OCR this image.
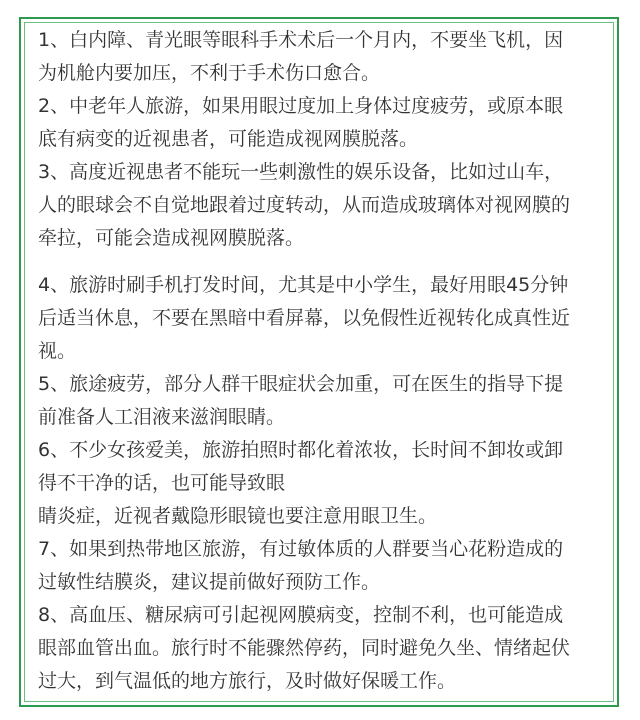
1、白内障、青光眼等眼科手术术后一个月内，不要坐飞机，因

为机舱内要加压，不利于手术伤口愈合。

2、中老年人旅游，如果用眼过度加上身体过度疲劳，或原本眼

底有病变的近视患者，可能造成视网膜脱落。

3、高度近视患者不能玩一些刺激性的娱乐设备，比如过山车，

人的眼球会不自觉地跟着过度转动，从而造成玻璃体对视网膜的

牵拉，可能会造成视网膜脱落。

4、旅游时刷手机打发时间，尤其是中小学生，最好用眼45分钟

后适当休息，不要在黑暗中看屏幕，以免假性近视转化成真性近

视。

5、旅途疲劳，部分人群干眼症状会加重，可在医生的指导下提

前准备人工泪液来滋润眼睛。

6、不少女孩爱美，旅游拍照时都化着浓妆，长时间不卸妆或卸

得不干净的话，也可能导致眼

睛炎症，近视者戴隐形眼镜也要注意用眼卫生。

7、如果到热带地区旅游，有过敏体质的人群要当心花粉造成的

过敏性结膜炎，建议提前做好预防工作。

8、高血压、糖尿病可引起视网膜病变，控制不利，也可能造成

眼部血管出血。旅行时不能骤然停药，同时避免久坐、情绪起伏

过大，到气温低的地方旅行，及时做好保暖工作。
